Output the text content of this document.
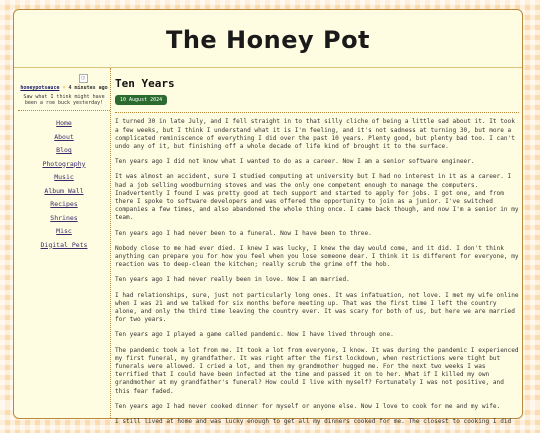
The Honey Pot
◫
honeypotsauce ☀ 4 minutes ago
Saw what I think might have been a roe buck yesterday!
Home
About
Blog
Photography
Music
Album Wall
Recipes
Shrines
Misc
Digital Pets
Ten Years
10 August 2024

I turned 30 in late July, and I fell straight in to that silly cliche of being a little sad about it. It took a few weeks, but I think I understand what it is I'm feeling, and it's not sadness at turning 30, but more a complicated reminiscence of everything I did over the past 10 years. Plenty good, but plenty bad too. I can't undo any of it, but finishing off a whole decade of life kind of brought it to the surface.

Ten years ago I did not know what I wanted to do as a career. Now I am a senior software engineer.

It was almost an accident, sure I studied computing at university but I had no interest in it as a career. I had a job selling woodburning stoves and was the only one competent enough to manage the computers. Inadvertently I found I was pretty good at tech support and started to apply for jobs. I got one, and from there I spoke to software developers and was offered the opportunity to join as a junior. I've switched companies a few times, and also abandoned the whole thing once. I came back though, and now I'm a senior in my team.

Ten years ago I had never been to a funeral. Now I have been to three.

Nobody close to me had ever died. I knew I was lucky, I knew the day would come, and it did. I don't think anything can prepare you for how you feel when you lose someone dear. I think it is different for everyone, my reaction was to deep-clean the kitchen; really scrub the grime off the hob.

Ten years ago I had never really been in love. Now I am married.

I had relationships, sure, just not particularly long ones. It was infatuation, not love. I met my wife online when I was 21 and we talked for six months before meeting up. That was the first time I left the country alone, and only the third time leaving the country ever. It was scary for both of us, but here we are married for two years.

Ten years ago I played a game called pandemic. Now I have lived through one.

The pandemic took a lot from me. It took a lot from everyone, I know. It was during the pandemic I experienced my first funeral, my grandfather. It was right after the first lockdown, when restrictions were tight but funerals were allowed. I cried a lot, and then my grandmother hugged me. For the next two weeks I was terrified that I could have been infected at the time and passed it on to her. What if I killed my own grandmother at my grandfather's funeral? How could I live with myself? Fortunately I was not positive, and this fear faded.

Ten years ago I had never cooked dinner for myself or anyone else. Now I love to cook for me and my wife.

I still lived at home and was lucky enough to get all my dinners cooked for me. The closest to cooking I did
